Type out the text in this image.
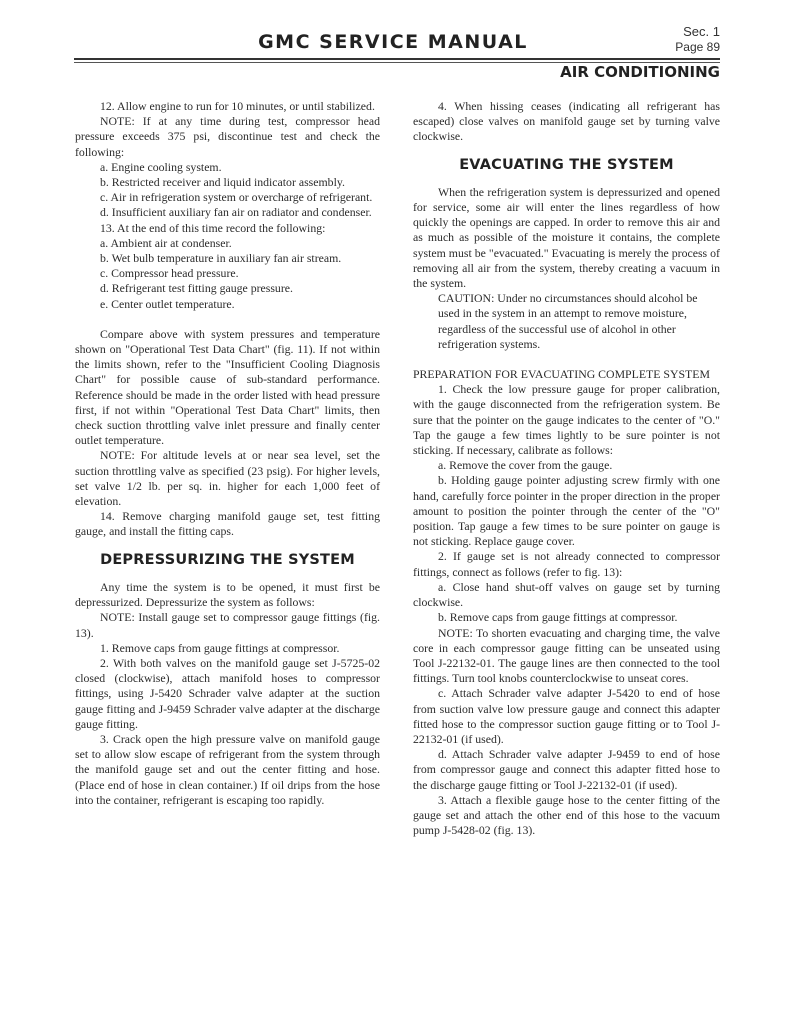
GMC SERVICE MANUAL	Sec. 1
Page 89
AIR CONDITIONING

12. Allow engine to run for 10 minutes, or until stabilized.

NOTE: If at any time during test, compressor head pressure exceeds 375 psi, discontinue test and check the following:

a. Engine cooling system.

b. Restricted receiver and liquid indicator assembly.

c. Air in refrigeration system or overcharge of refrigerant.

d. Insufficient auxiliary fan air on radiator and condenser.

13. At the end of this time record the following:

a. Ambient air at condenser.

b. Wet bulb temperature in auxiliary fan air stream.

c. Compressor head pressure.

d. Refrigerant test fitting gauge pressure.

e. Center outlet temperature.

Compare above with system pressures and temperature shown on "Operational Test Data Chart" (fig. 11). If not within the limits shown, refer to the "Insufficient Cooling Diagnosis Chart" for possible cause of sub-standard performance. Reference should be made in the order listed with head pressure first, if not within "Operational Test Data Chart" limits, then check suction throttling valve inlet pressure and finally center outlet temperature.

NOTE: For altitude levels at or near sea level, set the suction throttling valve as specified (23 psig). For higher levels, set valve 1/2 lb. per sq. in. higher for each 1,000 feet of elevation.

14. Remove charging manifold gauge set, test fitting gauge, and install the fitting caps.

DEPRESSURIZING THE SYSTEM

Any time the system is to be opened, it must first be depressurized. Depressurize the system as follows:

NOTE: Install gauge set to compressor gauge fittings (fig. 13).

1. Remove caps from gauge fittings at compressor.

2. With both valves on the manifold gauge set J-5725-02 closed (clockwise), attach manifold hoses to compressor fittings, using J-5420 Schrader valve adapter at the suction gauge fitting and J-9459 Schrader valve adapter at the discharge gauge fitting.

3. Crack open the high pressure valve on manifold gauge set to allow slow escape of refrigerant from the system through the manifold gauge set and out the center fitting and hose. (Place end of hose in clean container.) If oil drips from the hose into the container, refrigerant is escaping too rapidly.

4. When hissing ceases (indicating all refrigerant has escaped) close valves on manifold gauge set by turning valve clockwise.

EVACUATING THE SYSTEM

When the refrigeration system is depressurized and opened for service, some air will enter the lines regardless of how quickly the openings are capped. In order to remove this air and as much as possible of the moisture it contains, the complete system must be "evacuated." Evacuating is merely the process of removing all air from the system, thereby creating a vacuum in the system.

CAUTION: Under no circumstances should alcohol be used in the system in an attempt to remove moisture, regardless of the successful use of alcohol in other refrigeration systems.

PREPARATION FOR EVACUATING COMPLETE SYSTEM

1. Check the low pressure gauge for proper calibration, with the gauge disconnected from the refrigeration system. Be sure that the pointer on the gauge indicates to the center of "O." Tap the gauge a few times lightly to be sure pointer is not sticking. If necessary, calibrate as follows:

a. Remove the cover from the gauge.

b. Holding gauge pointer adjusting screw firmly with one hand, carefully force pointer in the proper direction in the proper amount to position the pointer through the center of the "O" position. Tap gauge a few times to be sure pointer on gauge is not sticking. Replace gauge cover.

2. If gauge set is not already connected to compressor fittings, connect as follows (refer to fig. 13):

a. Close hand shut-off valves on gauge set by turning clockwise.

b. Remove caps from gauge fittings at compressor.

NOTE: To shorten evacuating and charging time, the valve core in each compressor gauge fitting can be unseated using Tool J-22132-01. The gauge lines are then connected to the tool fittings. Turn tool knobs counterclockwise to unseat cores.

c. Attach Schrader valve adapter J-5420 to end of hose from suction valve low pressure gauge and connect this adapter fitted hose to the compressor suction gauge fitting or to Tool J-22132-01 (if used).

d. Attach Schrader valve adapter J-9459 to end of hose from compressor gauge and connect this adapter fitted hose to the discharge gauge fitting or Tool J-22132-01 (if used).

3. Attach a flexible gauge hose to the center fitting of the gauge set and attach the other end of this hose to the vacuum pump J-5428-02 (fig. 13).
